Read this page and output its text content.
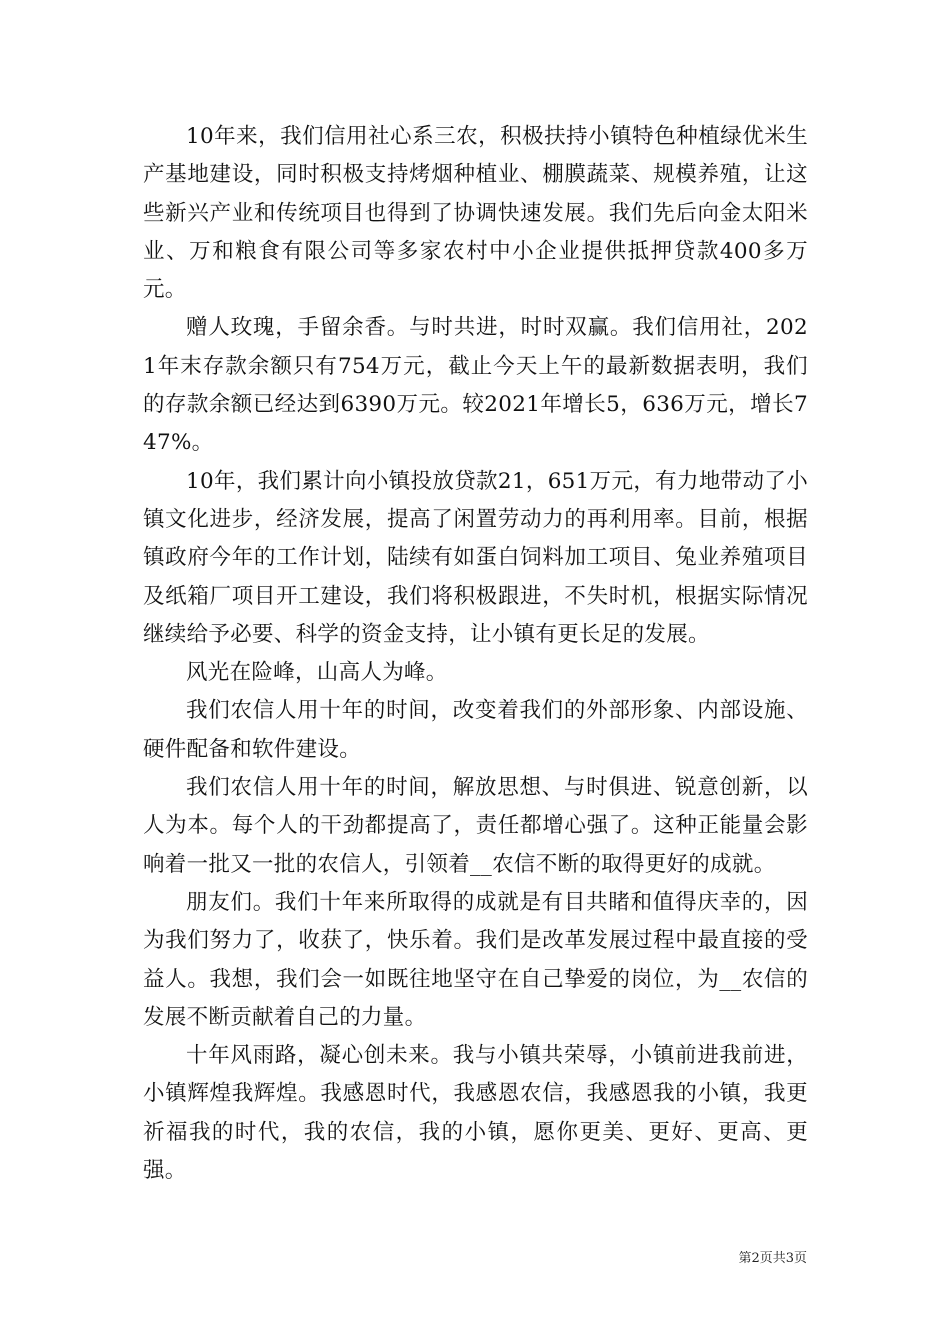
10年来，我们信用社心系三农，积极扶持小镇特色种植绿优米生产基地建设，同时积极支持烤烟种植业、棚膜蔬菜、规模养殖，让这些新兴产业和传统项目也得到了协调快速发展。我们先后向金太阳米业、万和粮食有限公司等多家农村中小企业提供抵押贷款400多万元。

赠人玫瑰，手留余香。与时共进，时时双赢。我们信用社，2021年末存款余额只有754万元，截止今天上午的最新数据表明，我们的存款余额已经达到6390万元。较2021年增长5，636万元，增长747%。

10年，我们累计向小镇投放贷款21，651万元，有力地带动了小镇文化进步，经济发展，提高了闲置劳动力的再利用率。目前，根据镇政府今年的工作计划，陆续有如蛋白饲料加工项目、兔业养殖项目及纸箱厂项目开工建设，我们将积极跟进，不失时机，根据实际情况继续给予必要、科学的资金支持，让小镇有更长足的发展。

风光在险峰，山高人为峰。

我们农信人用十年的时间，改变着我们的外部形象、内部设施、硬件配备和软件建设。

我们农信人用十年的时间，解放思想、与时俱进、锐意创新，以人为本。每个人的干劲都提高了，责任都增心强了。这种正能量会影响着一批又一批的农信人，引领着__农信不断的取得更好的成就。

朋友们。我们十年来所取得的成就是有目共睹和值得庆幸的，因为我们努力了，收获了，快乐着。我们是改革发展过程中最直接的受益人。我想，我们会一如既往地坚守在自己挚爱的岗位，为__农信的发展不断贡献着自己的力量。

十年风雨路，凝心创未来。我与小镇共荣辱，小镇前进我前进，小镇辉煌我辉煌。我感恩时代，我感恩农信，我感恩我的小镇，我更祈福我的时代，我的农信，我的小镇，愿你更美、更好、更高、更强。

第2页共3页
